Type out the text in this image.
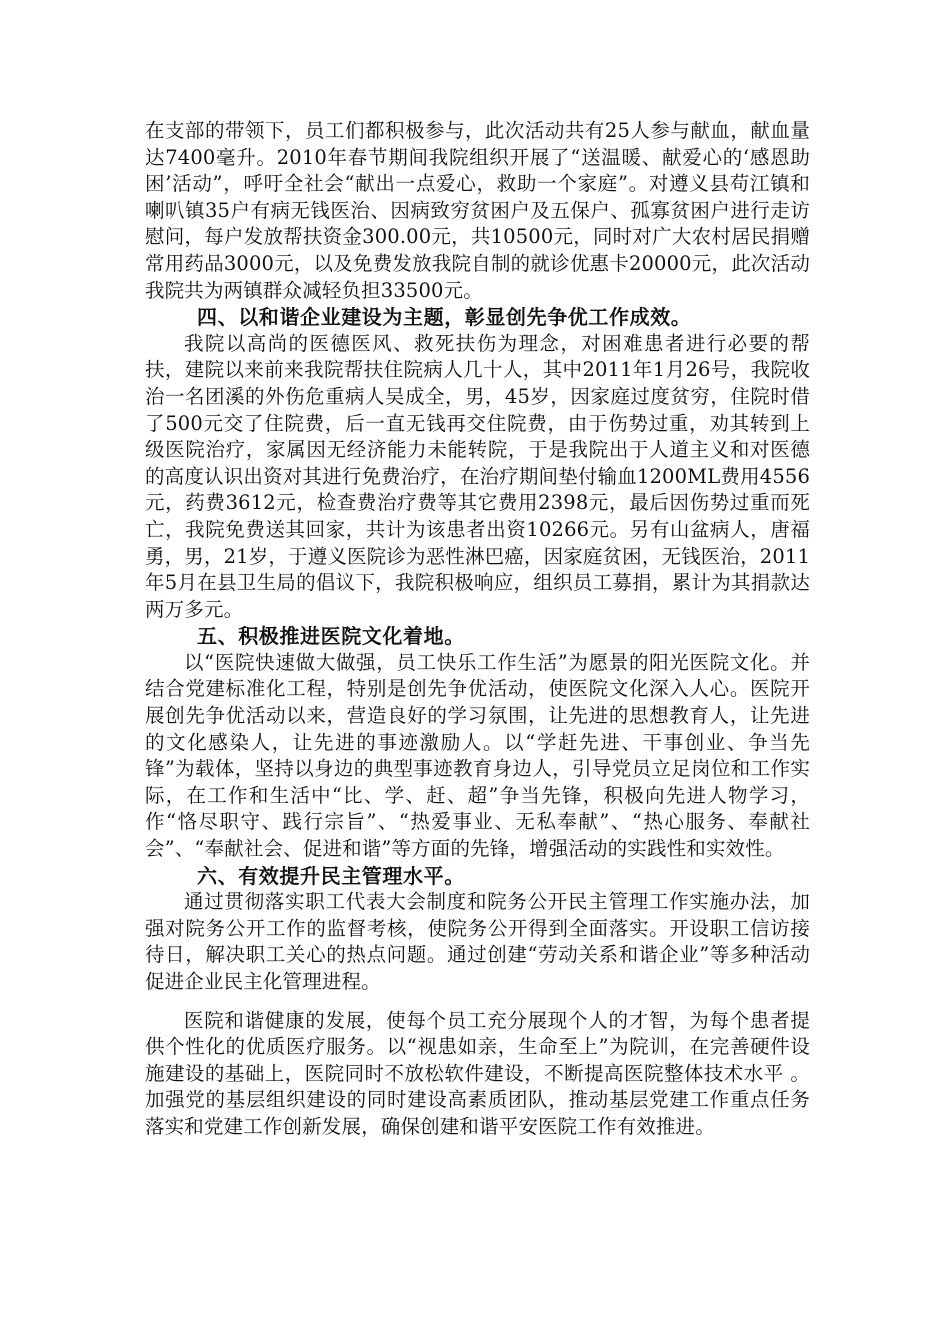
在支部的带领下，员工们都积极参与，此次活动共有25人参与献血，献血量达7400毫升。2010年春节期间我院组织开展了“送温暖、献爱心的‘感恩助困’活动”，呼吁全社会“献出一点爱心，救助一个家庭”。对遵义县苟江镇和喇叭镇35户有病无钱医治、因病致穷贫困户及五保户、孤寡贫困户进行走访慰问，每户发放帮扶资金300.00元，共10500元，同时对广大农村居民捐赠常用药品3000元，以及免费发放我院自制的就诊优惠卡20000元，此次活动我院共为两镇群众减轻负担33500元。

四、以和谐企业建设为主题，彰显创先争优工作成效。

我院以高尚的医德医风、救死扶伤为理念，对困难患者进行必要的帮扶，建院以来前来我院帮扶住院病人几十人，其中2011年1月26号，我院收治一名团溪的外伤危重病人吴成全，男，45岁，因家庭过度贫穷，住院时借了500元交了住院费，后一直无钱再交住院费，由于伤势过重，劝其转到上级医院治疗，家属因无经济能力未能转院，于是我院出于人道主义和对医德的高度认识出资对其进行免费治疗，在治疗期间垫付输血1200ML费用4556元，药费3612元，检查费治疗费等其它费用2398元，最后因伤势过重而死亡，我院免费送其回家，共计为该患者出资10266元。另有山盆病人，唐福勇，男，21岁，于遵义医院诊为恶性淋巴癌，因家庭贫困，无钱医治，2011年5月在县卫生局的倡议下，我院积极响应，组织员工募捐，累计为其捐款达两万多元。

五、积极推进医院文化着地。

以“医院快速做大做强，员工快乐工作生活”为愿景的阳光医院文化。并结合党建标准化工程，特别是创先争优活动，使医院文化深入人心。医院开展创先争优活动以来，营造良好的学习氛围，让先进的思想教育人，让先进的文化感染人，让先进的事迹激励人。以“学赶先进、干事创业、争当先锋”为载体，坚持以身边的典型事迹教育身边人，引导党员立足岗位和工作实际，在工作和生活中“比、学、赶、超”争当先锋，积极向先进人物学习，作“恪尽职守、践行宗旨”、“热爱事业、无私奉献”、“热心服务、奉献社会”、“奉献社会、促进和谐”等方面的先锋，增强活动的实践性和实效性。

六、有效提升民主管理水平。

通过贯彻落实职工代表大会制度和院务公开民主管理工作实施办法，加强对院务公开工作的监督考核，使院务公开得到全面落实。开设职工信访接待日，解决职工关心的热点问题。通过创建“劳动关系和谐企业”等多种活动促进企业民主化管理进程。

医院和谐健康的发展，使每个员工充分展现个人的才智，为每个患者提供个性化的优质医疗服务。以“视患如亲，生命至上”为院训，在完善硬件设施建设的基础上，医院同时不放松软件建设，不断提高医院整体技术水平 。加强党的基层组织建设的同时建设高素质团队，推动基层党建工作重点任务落实和党建工作创新发展，确保创建和谐平安医院工作有效推进。
